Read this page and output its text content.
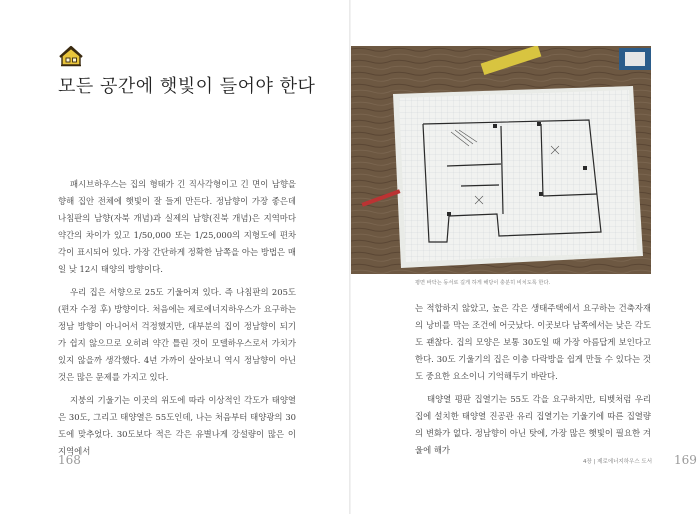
모든 공간에 햇빛이 들어야 한다

패시브하우스는 집의 형태가 긴 직사각형이고 긴 면이 남향을 향해 집안 전체에 햇빛이 잘 들게 만든다. 정남향이 가장 좋은데 나침판의 남향(자북 개념)과 실제의 남향(진북 개념)은 지역마다 약간의 차이가 있고 1/50,000 또는 1/25,000의 지형도에 편차각이 표시되어 있다. 가장 간단하게 정확한 남쪽을 아는 방법은 매일 낮 12시 태양의 방향이다.

우리 집은 서향으로 25도 기울어져 있다. 즉 나침판의 205도(편자 수정 후) 방향이다. 처음에는 제로에너지하우스가 요구하는 정남 방향이 아니어서 걱정했지만, 대부분의 집이 정남향이 되기가 쉽지 않으므로 오히려 약간 틀린 것이 모델하우스로서 가치가 있지 않을까 생각했다. 4년 가까이 살아보니 역시 정남향이 아닌 것은 많은 문제를 가지고 있다.

지붕의 기울기는 이곳의 위도에 따라 이상적인 각도가 태양열은 30도, 그리고 태양열은 55도인데, 나는 처음부터 태양광의 30도에 맞추었다. 30도보다 적은 각은 유별나게 강설량이 많은 이 지역에서

168
평면 바닥는 동서로 길게 하게 해당이 충분히 비치도록 한다.

는 적합하지 않았고, 높은 각은 생태주택에서 요구하는 건축자재의 낭비를 막는 조건에 어긋났다. 이곳보다 남쪽에서는 낮은 각도도 괜찮다. 집의 모양은 보통 30도일 때 가장 아름답게 보인다고 한다. 30도 기울기의 집은 이층 다락방을 쉽게 만들 수 있다는 것도 중요한 요소이니 기억해두기 바란다.

태양열 평판 집열기는 55도 각을 요구하지만, 티벳처럼 우리 집에 설치한 태양열 진공관 유리 집열기는 기울기에 따른 집열량의 변화가 없다. 정남향이 아닌 탓에, 가장 많은 햇빛이 필요한 겨울에 해가

4장 | 제로에너지하우스 도서 169
